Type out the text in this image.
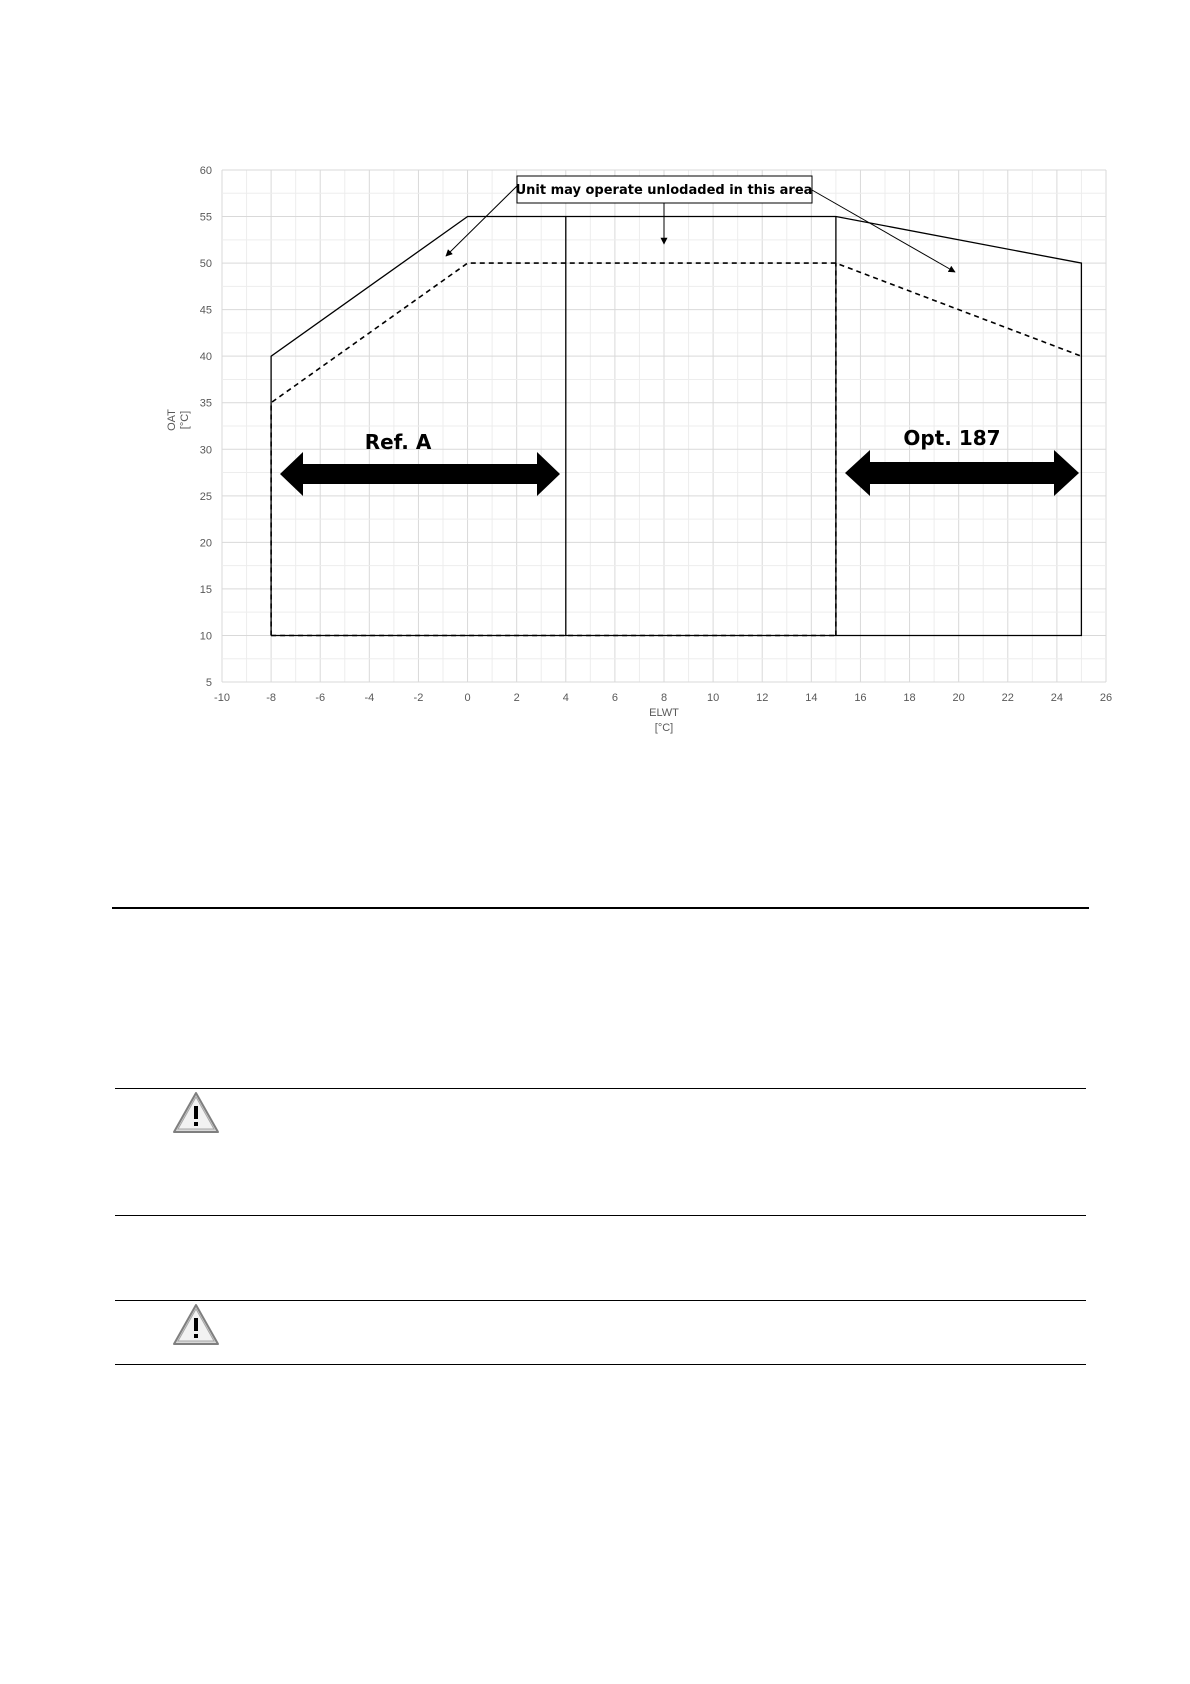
-10	-8	-6	-4	-2	0	2	4	6	8	10	12	14	16	18	20	22	24	26
5
10
15
20
25
30
35
40
45
50
55
60
ELWT
[°C]
OAT [°C]
Unit may operate unlodaded in this area
Ref. A	Opt. 187
